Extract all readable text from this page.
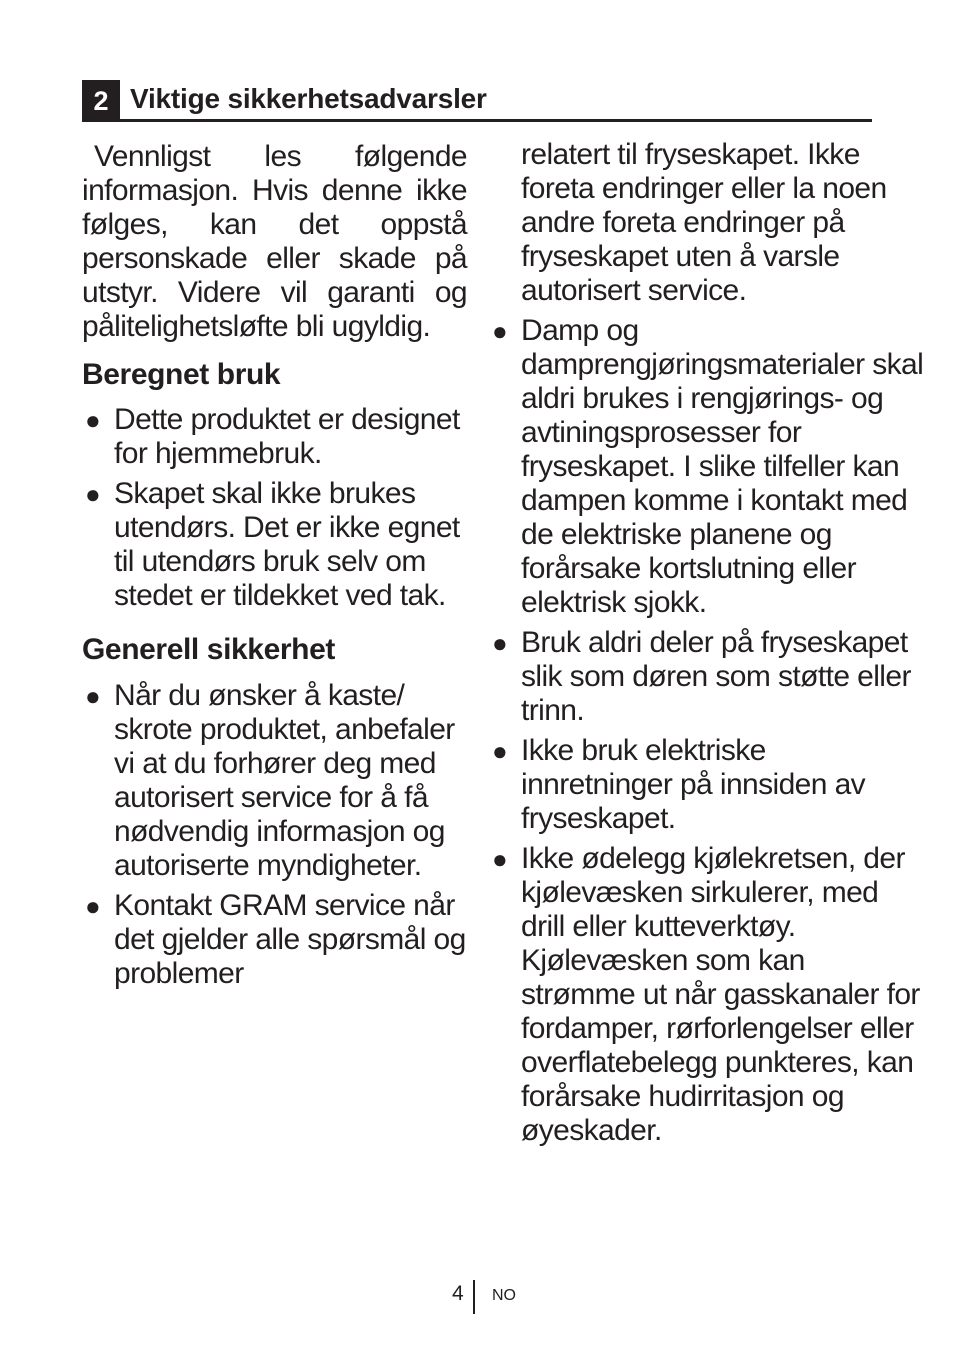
2 Viktige sikkerhetsadvarsler

Vennligst les følgende informasjon. Hvis denne ikke følges, kan det oppstå personskade eller skade på utstyr. Videre vil garanti og pålitelighetsløfte bli ugyldig.

Beregnet bruk

● Dette produktet er designet for hjemmebruk.
● Skapet skal ikke brukes utendørs. Det er ikke egnet til utendørs bruk selv om stedet er tildekket ved tak.

Generell sikkerhet

● Når du ønsker å kaste/ skrote produktet, anbefaler vi at du forhører deg med autorisert service for å få nødvendig informasjon og autoriserte myndigheter.
● Kontakt GRAM service når det gjelder alle spørsmål og problemer

relatert til fryseskapet. Ikke foreta endringer eller la noen andre foreta endringer på fryseskapet uten å varsle autorisert service.

● Damp og damprengjøringsmaterialer skal aldri brukes i rengjørings- og avtiningsprosesser for fryseskapet. I slike tilfeller kan dampen komme i kontakt med de elektriske planene og forårsake kortslutning eller elektrisk sjokk.
● Bruk aldri deler på fryseskapet slik som døren som støtte eller trinn.
● Ikke bruk elektriske innretninger på innsiden av fryseskapet.
● Ikke ødelegg kjølekretsen, der kjølevæsken sirkulerer, med drill eller kutteverktøy. Kjølevæsken som kan strømme ut når gasskanaler for fordamper, rørforlengelser eller overflatebelegg punkteres, kan forårsake hudirritasjon og øyeskader.
4 NO
